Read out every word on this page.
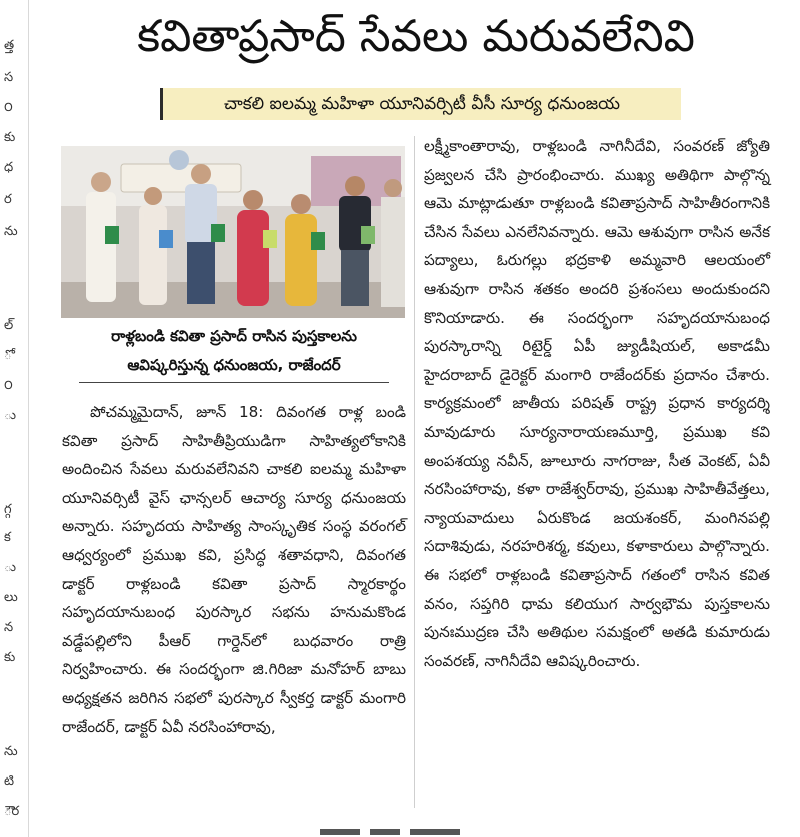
త్త
స
౦
కు
ధ
ర
ను
ల్
ో
౦
ు
గ్గ
క
ు
లు
న
కు
ను
టి
ౌర
కవితాప్రసాద్ సేవలు మరువలేనివి
చాకలి ఐలమ్మ మహిళా యూనివర్సిటీ వీసీ సూర్య ధనుంజయ
రాళ్లబండి కవితా ప్రసాద్ రాసిన పుస్తకాలను
ఆవిష్కరిస్తున్న ధనుంజయ, రాజేందర్

పోచమ్మమైదాన్, జూన్ 18: దివంగత రాళ్ల బండి కవితా ప్రసాద్ సాహితీప్రియుడిగా సాహిత్యలోకానికి అందించిన సేవలు మరువలేనివని చాకలి ఐలమ్మ మహిళా యూనివర్సిటీ వైస్ ఛాన్సలర్ ఆచార్య సూర్య ధనుంజయ అన్నారు. సహృదయ సాహిత్య సాంస్కృతిక సంస్థ వరంగల్ ఆధ్వర్యంలో ప్రముఖ కవి, ప్రసిద్ధ శతావధాని, దివంగత డాక్టర్ రాళ్లబండి కవితా ప్రసాద్ స్మారకార్థం సహృదయానుబంధ పురస్కార సభను హనుమకొండ వడ్డేపల్లిలోని పీఆర్ గార్డెన్‌లో బుధవారం రాత్రి నిర్వహించారు. ఈ సందర్భంగా జి.గిరిజా మనోహర్ బాబు అధ్యక్షతన జరిగిన సభలో పురస్కార స్వీకర్త డాక్టర్ మంగారి రాజేందర్, డాక్టర్ ఏవీ నరసింహారావు,

లక్ష్మీకాంతారావు, రాళ్లబండి నాగినీదేవి, సంవరణ్ జ్యోతి ప్రజ్వలన చేసి ప్రారంభించారు. ముఖ్య అతిథిగా పాల్గొన్న ఆమె మాట్లాడుతూ రాళ్లబండి కవితాప్రసాద్ సాహితీరంగానికి చేసిన సేవలు ఎనలేనివన్నారు. ఆమె ఆశువుగా రాసిన అనేక పద్యాలు, ఓరుగల్లు భద్రకాళి అమ్మవారి ఆలయంలో ఆశువుగా రాసిన శతకం అందరి ప్రశంసలు అందుకుందని కొనియాడారు. ఈ సందర్భంగా సహృదయానుబంధ పురస్కారాన్ని రిటైర్డ్ ఏపీ జ్యుడీషియల్, అకాడమీ హైదరాబాద్ డైరెక్టర్ మంగారి రాజేందర్‌కు ప్రదానం చేశారు. కార్యక్రమంలో జాతీయ పరిషత్ రాష్ట్ర ప్రధాన కార్యదర్శి మావుడూరు సూర్యనారాయణమూర్తి, ప్రముఖ కవి అంపశయ్య నవీన్, జూలూరు నాగరాజు, సీత వెంకట్, ఏవీ నరసింహారావు, కళా రాజేశ్వర్‌రావు, ప్రముఖ సాహితీవేత్తలు, న్యాయవాదులు ఏరుకొండ జయశంకర్, మంగినపల్లి సదాశివుడు, నరహరిశర్మ, కవులు, కళాకారులు పాల్గొన్నారు. ఈ సభలో రాళ్లబండి కవితాప్రసాద్ గతంలో రాసిన కవిత వనం, సప్తగిరి ధామ కలియుగ సార్వభౌమ పుస్తకాలను పునఃముద్రణ చేసి అతిథుల సమక్షంలో అతడి కుమారుడు సంవరణ్, నాగినీదేవి ఆవిష్కరించారు.
